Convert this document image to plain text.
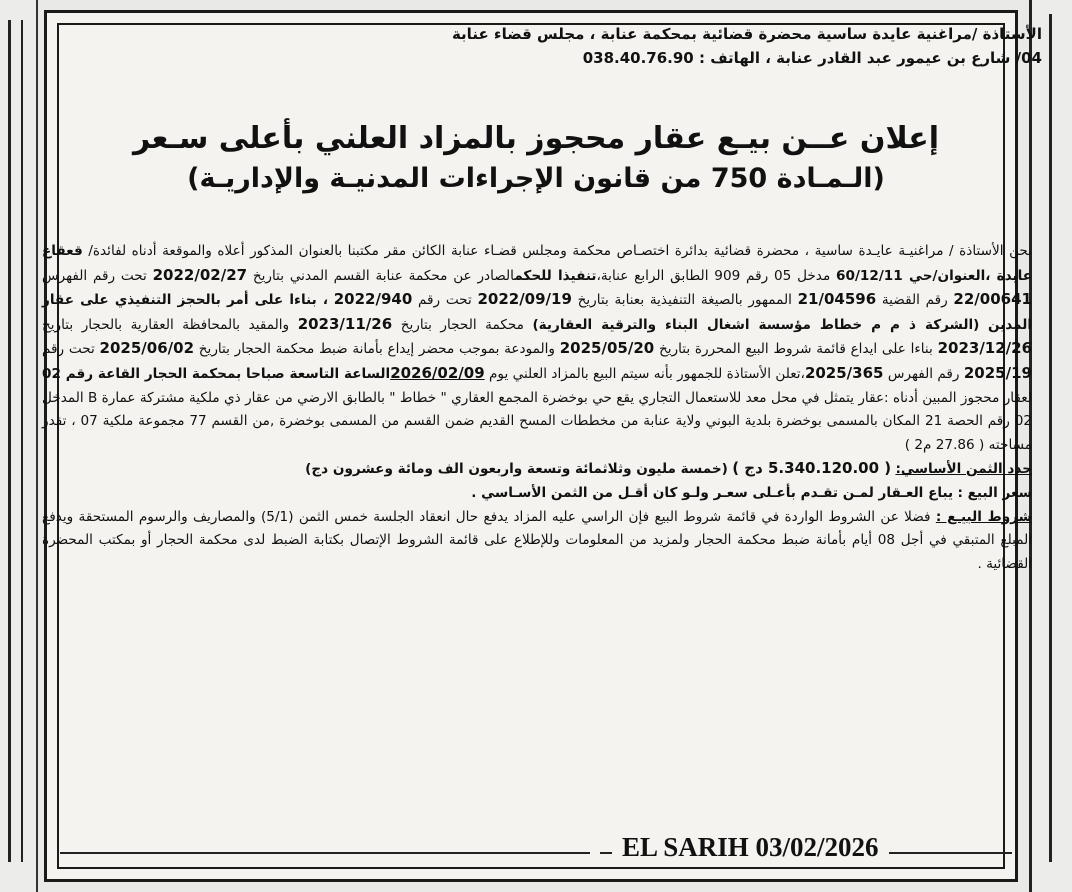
الأستاذة /مراغنية عايدة ساسية محضرة قضائية بمحكمة عنابة ، مجلس قضاء عنابة
04/ شارع بن عيمور عبد القادر عنابة ، الهاتف : 038.40.76.90
إعلان عــن بيـع عقار محجوز بالمزاد العلني بأعلى سـعر
(الـمـادة 750 من قانون الإجراءات المدنيـة والإداريـة)

نحن الأستاذة / مراغنيـة عايـدة ساسية ، محضرة قضائية بدائرة اختصـاص محكمة ومجلس قضـاء عنابة الكائن مقر مكتبنا بالعنوان المذكور أعلاه والموقعة أدناه لفائدة/ قعقاع عايدة ،العنوان/حي 60/12/11 مدخل 05 رقم 909 الطابق الرابع عنابة،تنفيذا للحكمالصادر عن محكمة عنابة القسم المدني بتاريخ 2022/02/27 تحت رقم الفهرس 22/00641 رقم القضية 21/04596 الممهور بالصيغة التنفيذية بعنابة بتاريخ 2022/09/19 تحت رقم 2022/940 ، بناءا على أمر بالحجز التنفيذي على عقار المدين (الشركة ذ م م خطاط مؤسسة اشغال البناء والترقية العقارية) محكمة الحجار بتاريخ 2023/11/26 والمقيد بالمحافظة العقارية بالحجار بتاريخ 2023/12/26 بناءا على ايداع قائمة شروط البيع المحررة بتاريخ 2025/05/20 والمودعة بموجب محضر إيداع بأمانة ضبط محكمة الحجار بتاريخ 2025/06/02 تحت رقم 2025/19 رقم الفهرس 2025/365،تعلن الأستاذة للجمهور بأنه سيتم البيع بالمزاد العلني يوم 2026/02/09الساعة التاسعة صباحا بمحكمة الحجار القاعة رقم 02 لعقار محجوز المبين أدناه :عقار يتمثل في محل معد للاستعمال التجاري يقع حي بوخضرة المجمع العقاري " خطاط " بالطابق الارضي من عقار ذي ملكية مشتركة عمارة B المدخل 02 رقم الحصة 21 المكان بالمسمى بوخضرة بلدية البوني ولاية عنابة من مخططات المسح القديم ضمن القسم من المسمى بوخضرة ,من القسم 77 مجموعة ملكية 07 ، تقدر مساحته ( 27.86 م2 )

حدد الثمن الأساسي: ( 5.340.120.00 دج ) (خمسة مليون وثلاثمائة وتسعة واربعون الف ومائة وعشرون دج)

سعر البيع : يباع العـقار لمـن تقـدم بأعـلى سعـر ولـو كان أقـل من الثمن الأسـاسي .

شروط البيـع : فضلا عن الشروط الواردة في قائمة شروط البيع فإن الراسي عليه المزاد يدفع حال انعقاد الجلسة خمس الثمن (5/1) والمصاريف والرسوم المستحقة ويدفع المبلغ المتبقي في أجل 08 أيام بأمانة ضبط محكمة الحجار ولمزيد من المعلومات وللإطلاع على قائمة الشروط الإتصال بكتابة الضبط لدى محكمة الحجار أو بمكتب المحضرة القضائية .

EL SARIH 03/02/2026
